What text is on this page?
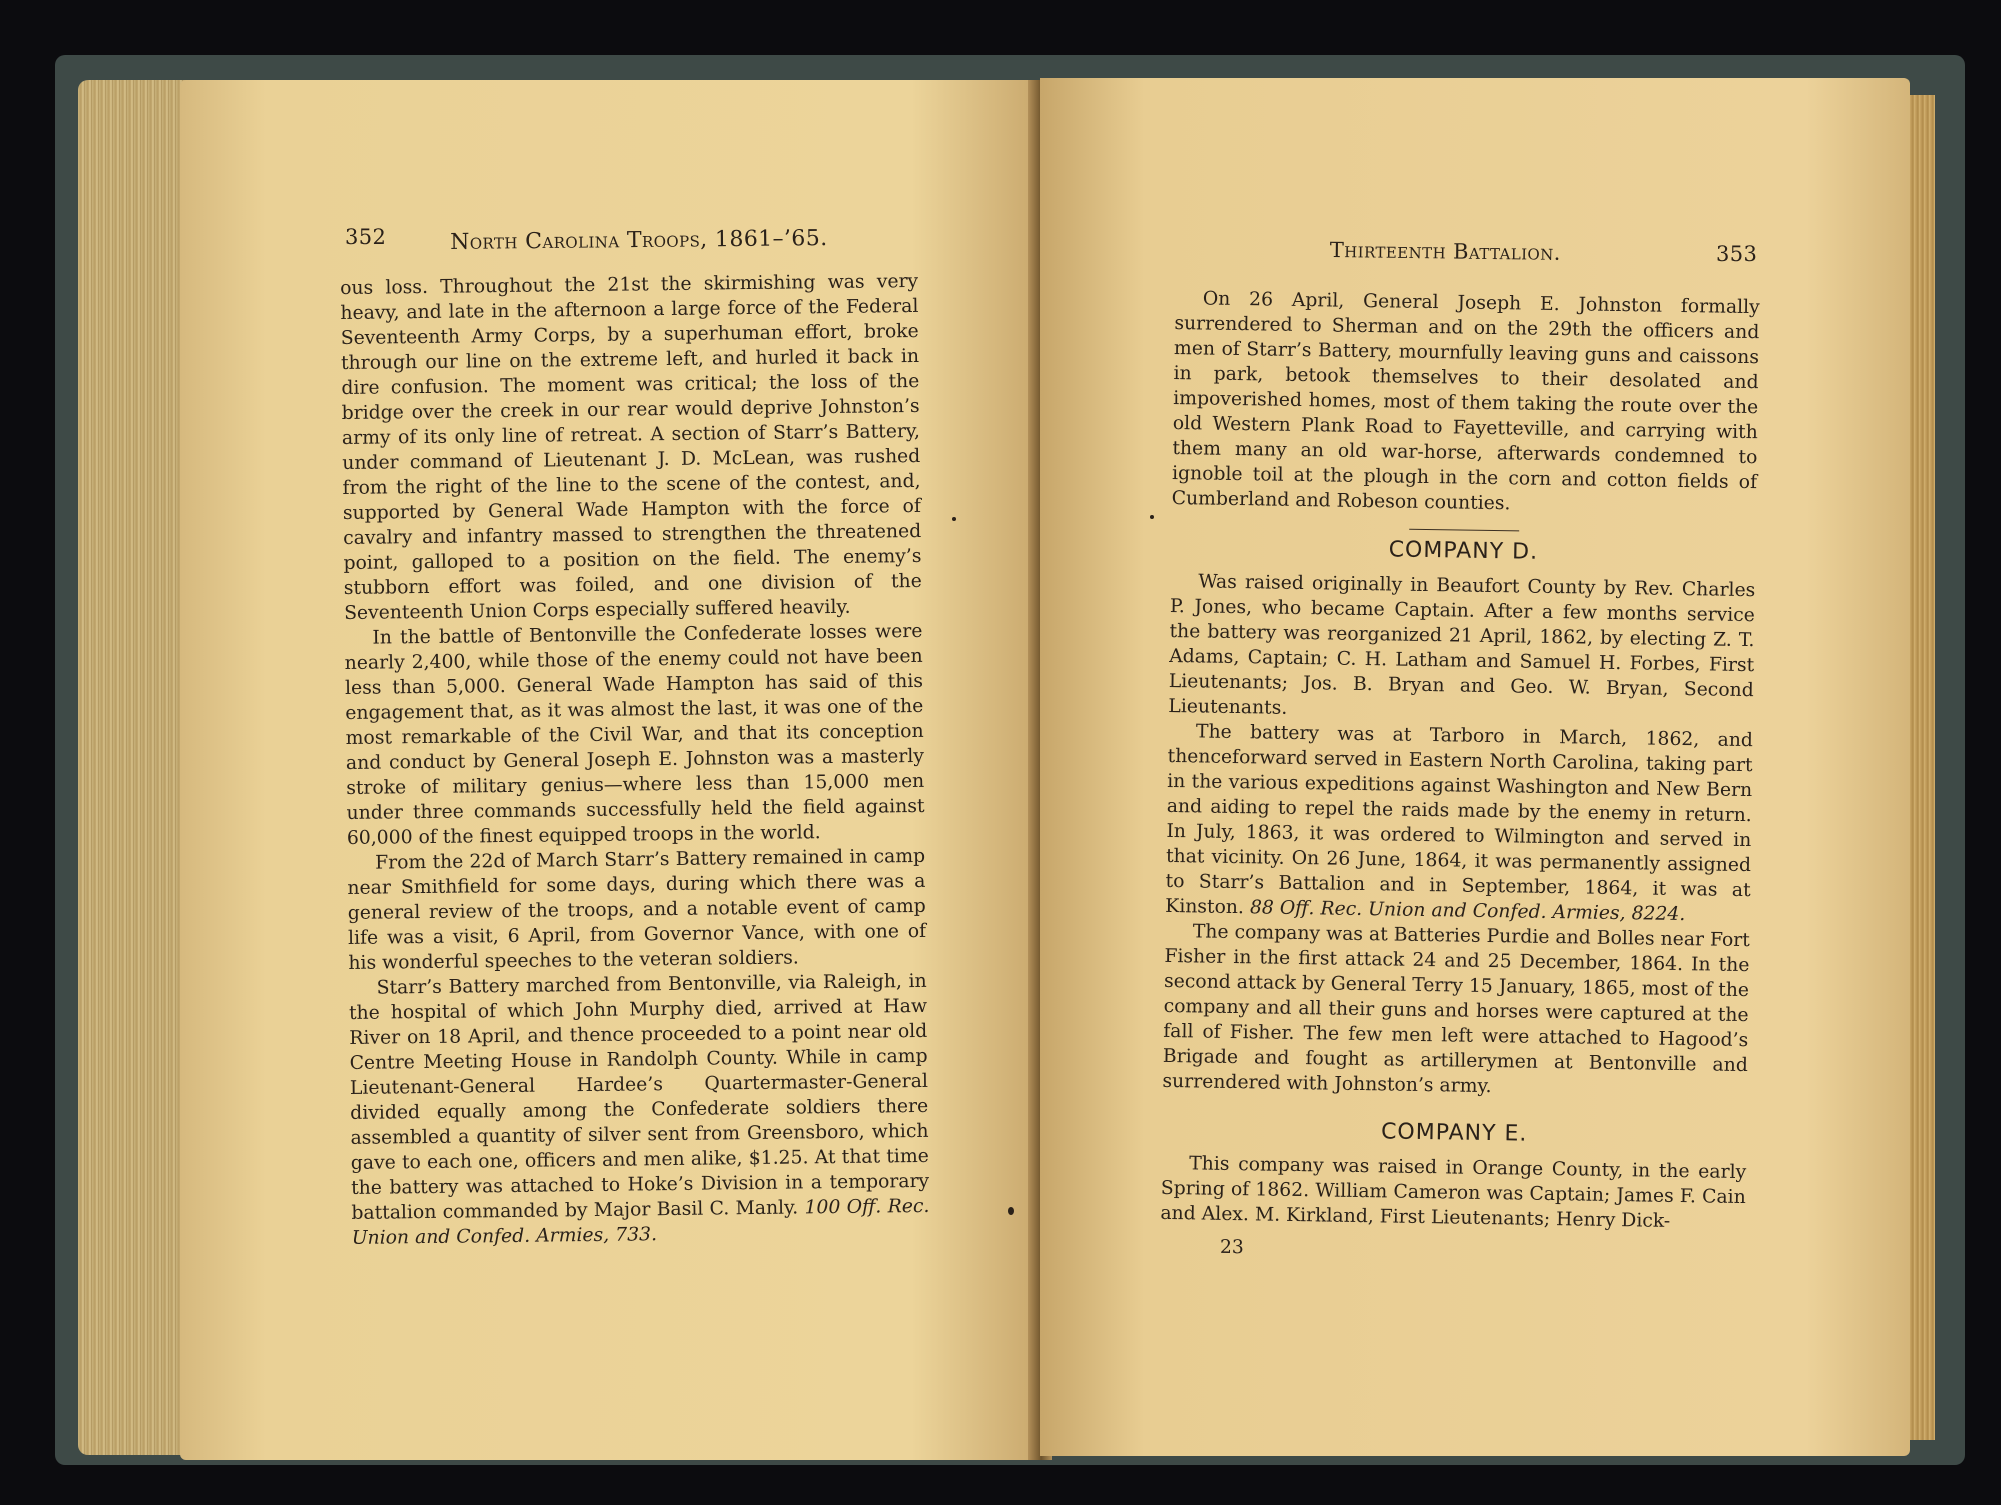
352	North Carolina Troops, 1861–’65.

ous loss. Throughout the 21st the skirmishing was very heavy, and late in the afternoon a large force of the Federal Seventeenth Army Corps, by a superhuman effort, broke through our line on the extreme left, and hurled it back in dire confusion. The moment was critical; the loss of the bridge over the creek in our rear would deprive Johnston’s army of its only line of retreat. A section of Starr’s Battery, under command of Lieutenant J. D. McLean, was rushed from the right of the line to the scene of the contest, and, supported by General Wade Hampton with the force of cavalry and infantry massed to strengthen the threatened point, galloped to a position on the field. The enemy’s stubborn effort was foiled, and one division of the Seventeenth Union Corps especially suffered heavily.

In the battle of Bentonville the Confederate losses were nearly 2,400, while those of the enemy could not have been less than 5,000. General Wade Hampton has said of this engagement that, as it was almost the last, it was one of the most remarkable of the Civil War, and that its conception and conduct by General Joseph E. Johnston was a masterly stroke of military genius—where less than 15,000 men under three commands successfully held the field against 60,000 of the finest equipped troops in the world.

From the 22d of March Starr’s Battery remained in camp near Smithfield for some days, during which there was a general review of the troops, and a notable event of camp life was a visit, 6 April, from Governor Vance, with one of his wonderful speeches to the veteran soldiers.

Starr’s Battery marched from Bentonville, via Raleigh, in the hospital of which John Murphy died, arrived at Haw River on 18 April, and thence proceeded to a point near old Centre Meeting House in Randolph County. While in camp Lieutenant-General Hardee’s Quartermaster-General divided equally among the Confederate soldiers there assembled a quantity of silver sent from Greensboro, which gave to each one, officers and men alike, $1.25. At that time the battery was attached to Hoke’s Division in a temporary battalion commanded by Major Basil C. Manly. 100 Off. Rec. Union and Confed. Armies, 733.

Thirteenth Battalion.	353

On 26 April, General Joseph E. Johnston formally surrendered to Sherman and on the 29th the officers and men of Starr’s Battery, mournfully leaving guns and caissons in park, betook themselves to their desolated and impoverished homes, most of them taking the route over the old Western Plank Road to Fayetteville, and carrying with them many an old war-horse, afterwards condemned to ignoble toil at the plough in the corn and cotton fields of Cumberland and Robeson counties.

COMPANY D.

Was raised originally in Beaufort County by Rev. Charles P. Jones, who became Captain. After a few months service the battery was reorganized 21 April, 1862, by electing Z. T. Adams, Captain; C. H. Latham and Samuel H. Forbes, First Lieutenants; Jos. B. Bryan and Geo. W. Bryan, Second Lieutenants.

The battery was at Tarboro in March, 1862, and thenceforward served in Eastern North Carolina, taking part in the various expeditions against Washington and New Bern and aiding to repel the raids made by the enemy in return. In July, 1863, it was ordered to Wilmington and served in that vicinity. On 26 June, 1864, it was permanently assigned to Starr’s Battalion and in September, 1864, it was at Kinston. 88 Off. Rec. Union and Confed. Armies, 8224.

The company was at Batteries Purdie and Bolles near Fort Fisher in the first attack 24 and 25 December, 1864. In the second attack by General Terry 15 January, 1865, most of the company and all their guns and horses were captured at the fall of Fisher. The few men left were attached to Hagood’s Brigade and fought as artillerymen at Bentonville and surrendered with Johnston’s army.

COMPANY E.

This company was raised in Orange County, in the early Spring of 1862. William Cameron was Captain; James F. Cain and Alex. M. Kirkland, First Lieutenants; Henry Dick-

23
